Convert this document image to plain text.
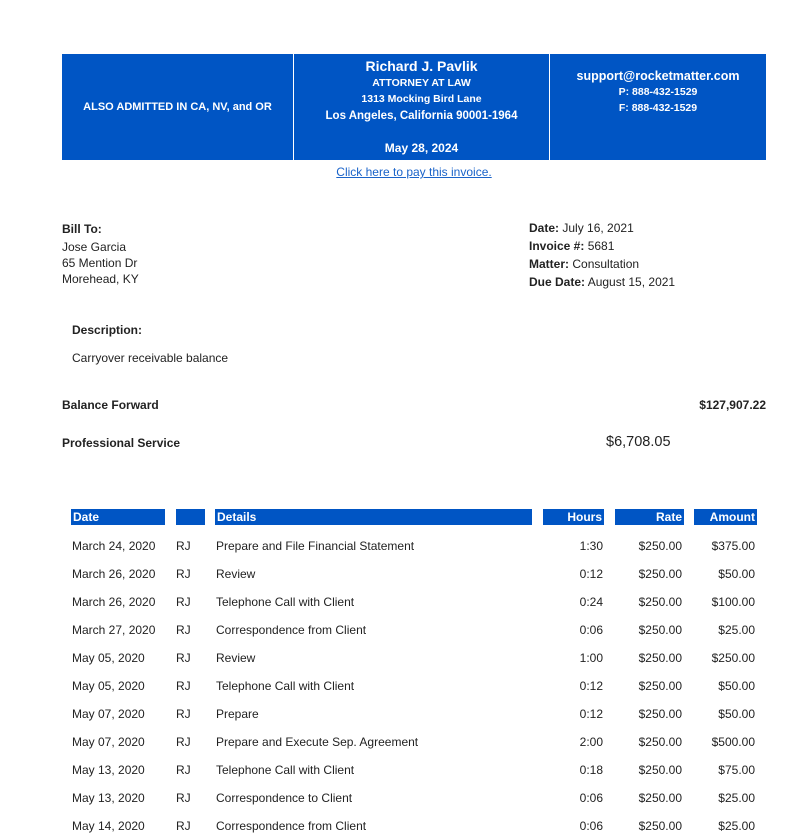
ALSO ADMITTED IN CA, NV, and OR
Richard J. Pavlik
ATTORNEY AT LAW
1313 Mocking Bird Lane
Los Angeles, California 90001-1964
May 28, 2024
support@rocketmatter.com
P: 888-432-1529
F: 888-432-1529
Click here to pay this invoice.
Bill To:
Jose Garcia
65 Mention Dr
Morehead, KY
Date: July 16, 2021
Invoice #: 5681
Matter: Consultation
Due Date: August 15, 2021
Description:
Carryover receivable balance
Balance Forward	$127,907.22
Professional Service	$6,708.05
Date	Details	Hours	Rate	Amount
March 24, 2020 RJ Prepare and File Financial Statement	1:30	$250.00 $375.00
March 26, 2020 RJ Review	0:12	$250.00	$50.00
March 26, 2020 RJ Telephone Call with Client	0:24	$250.00 $100.00
March 27, 2020 RJ Correspondence from Client	0:06	$250.00	$25.00
May 05, 2020	RJ Review	1:00	$250.00 $250.00
May 05, 2020	RJ Telephone Call with Client	0:12	$250.00	$50.00
May 07, 2020	RJ Prepare	0:12	$250.00	$50.00
May 07, 2020	RJ Prepare and Execute Sep. Agreement	2:00	$250.00 $500.00
May 13, 2020	RJ Telephone Call with Client	0:18	$250.00	$75.00
May 13, 2020	RJ Correspondence to Client	0:06	$250.00	$25.00
May 14, 2020	RJ Correspondence from Client	0:06	$250.00	$25.00
